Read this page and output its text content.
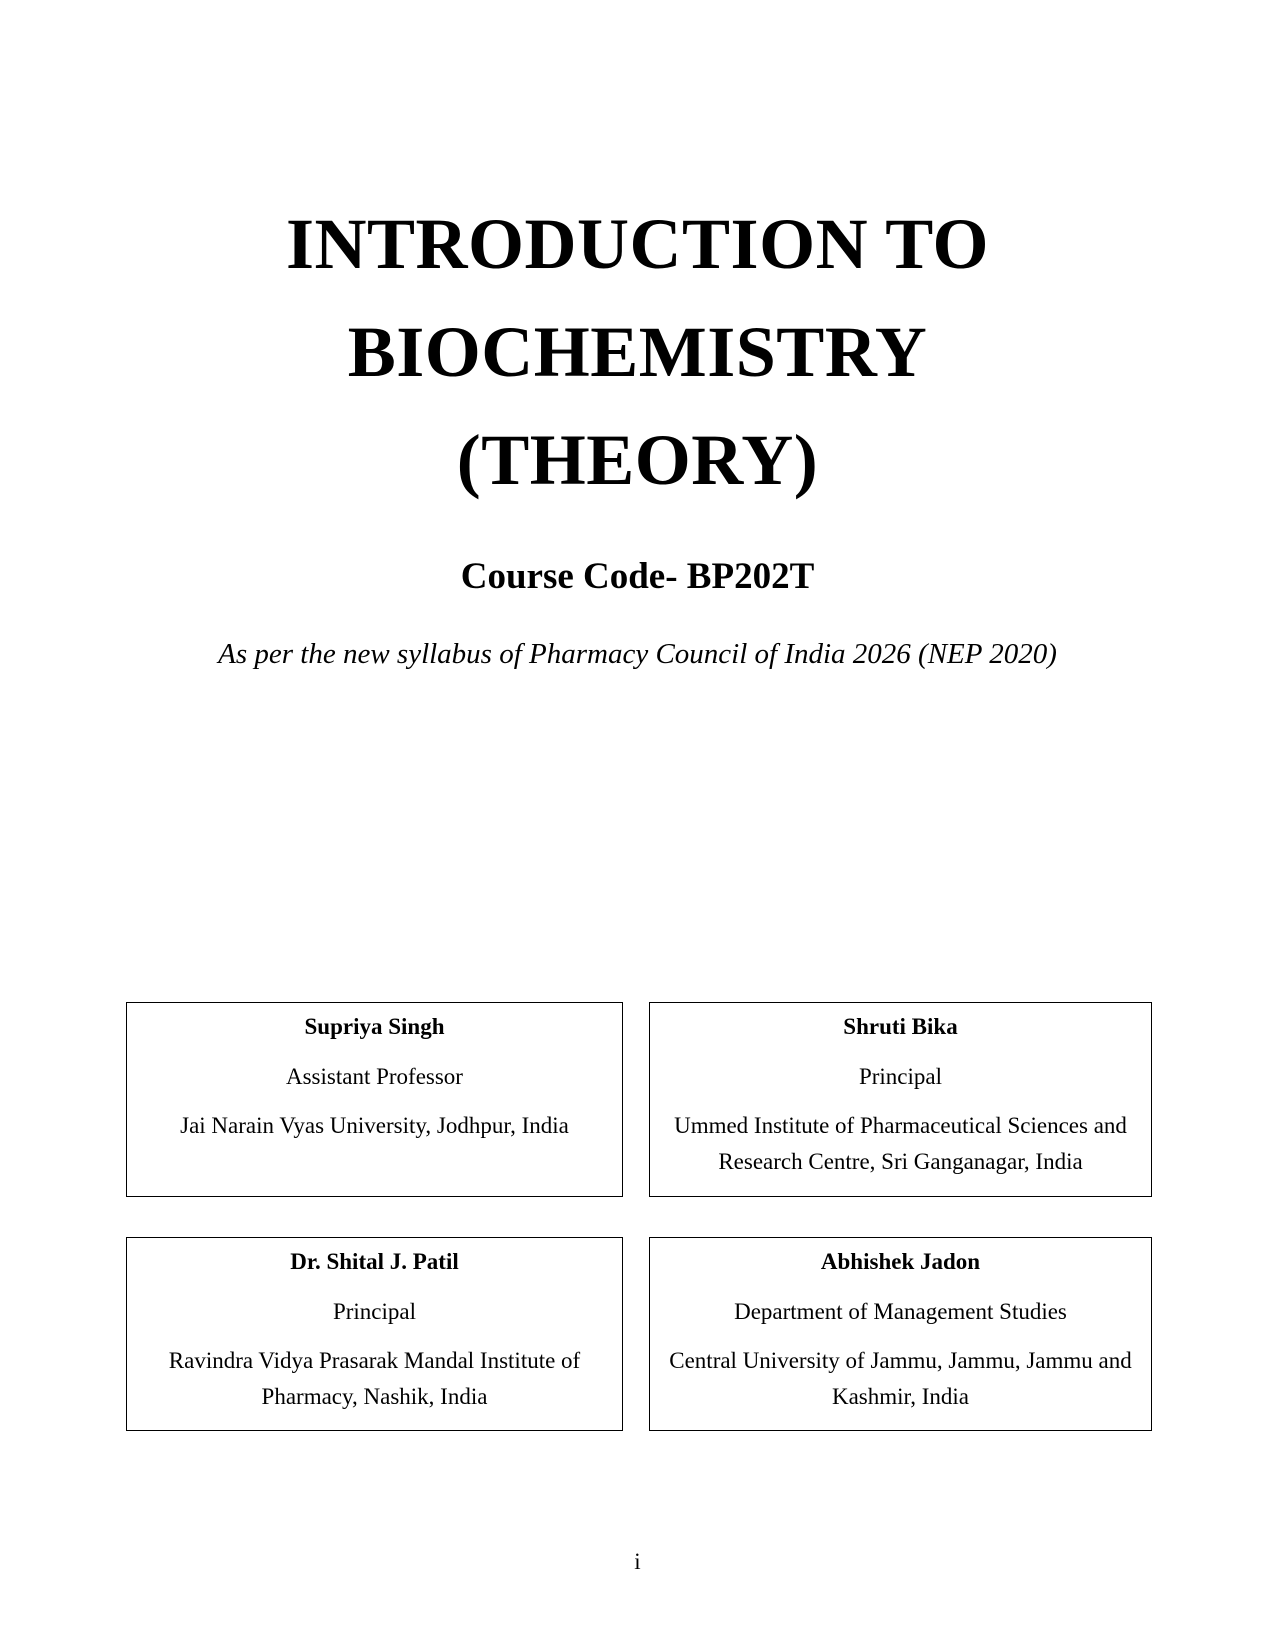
INTRODUCTION TO
BIOCHEMISTRY
(THEORY)
Course Code- BP202T
As per the new syllabus of Pharmacy Council of India 2026 (NEP 2020)
Supriya Singh
Assistant Professor
Jai Narain Vyas University, Jodhpur, India
Shruti Bika
Principal
Ummed Institute of Pharmaceutical Sciences and Research Centre, Sri Ganganagar, India
Dr. Shital J. Patil
Principal
Ravindra Vidya Prasarak Mandal Institute of Pharmacy, Nashik, India
Abhishek Jadon
Department of Management Studies
Central University of Jammu, Jammu, Jammu and Kashmir, India
i
